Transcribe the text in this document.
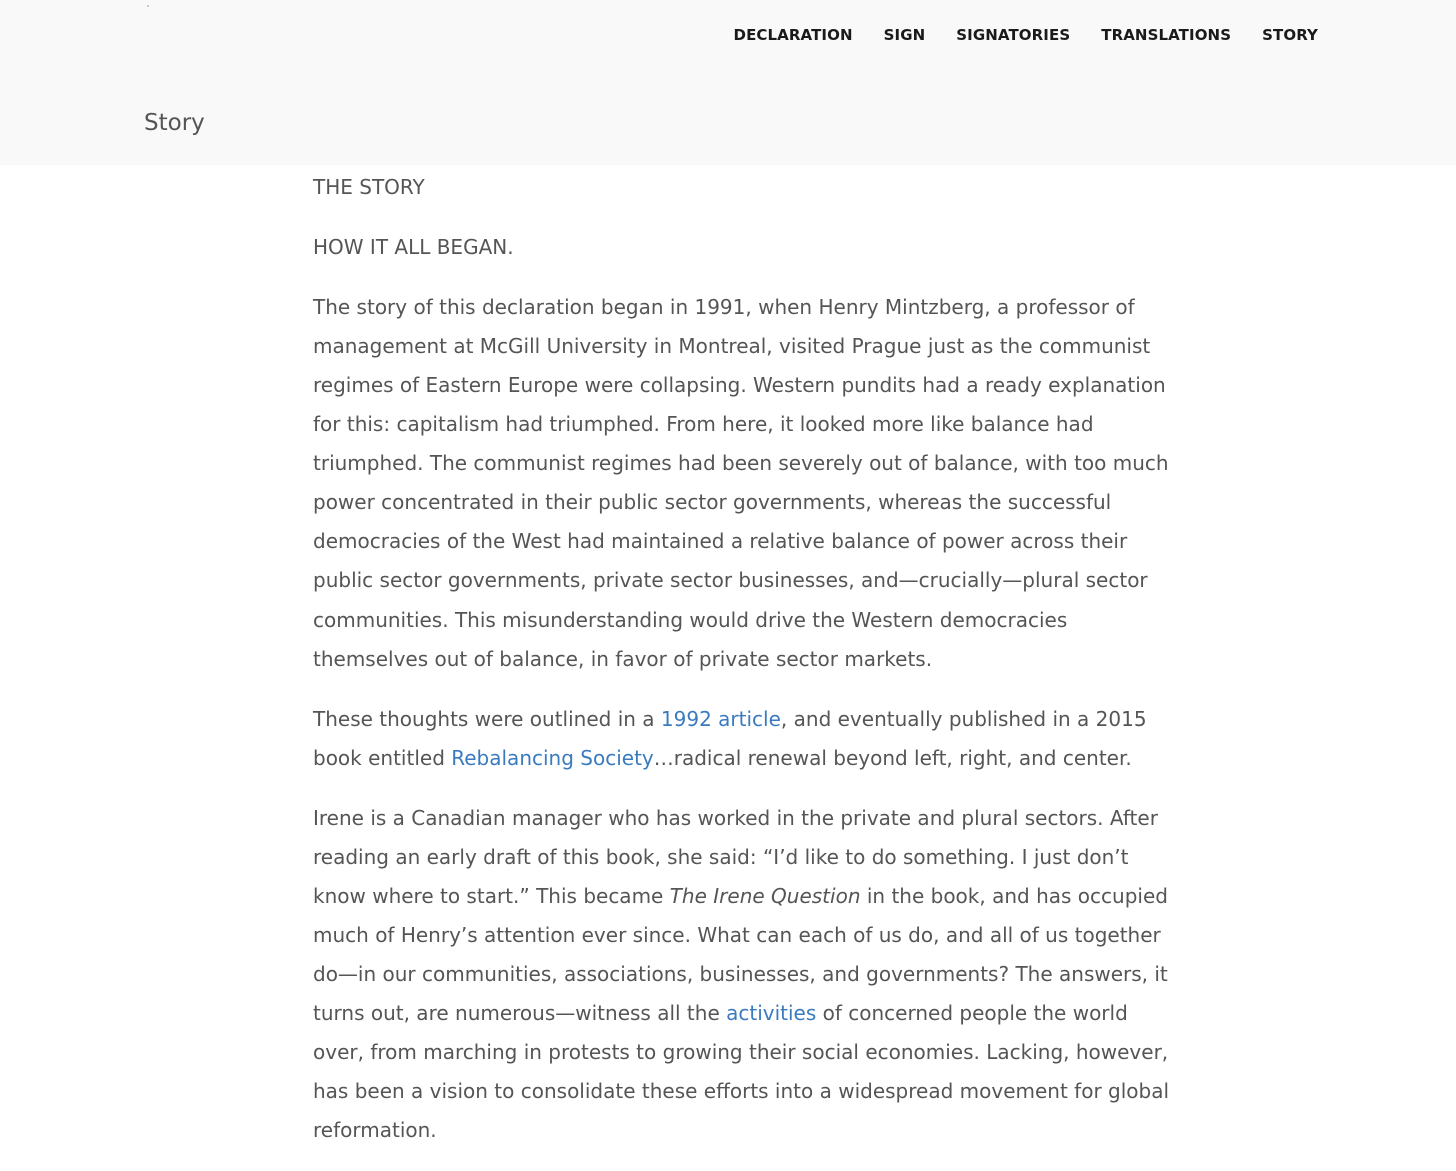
DECLARATION SIGN SIGNATORIES TRANSLATIONS STORY
Story

THE STORY

HOW IT ALL BEGAN.

The story of this declaration began in 1991, when Henry Mintzberg, a professor of management at McGill University in Montreal, visited Prague just as the communist regimes of Eastern Europe were collapsing. Western pundits had a ready explanation for this: capitalism had triumphed. From here, it looked more like balance had triumphed. The communist regimes had been severely out of balance, with too much power concentrated in their public sector governments, whereas the successful democracies of the West had maintained a relative balance of power across their public sector governments, private sector businesses, and—crucially—plural sector communities. This misunderstanding would drive the Western democracies themselves out of balance, in favor of private sector markets.

These thoughts were outlined in a 1992 article, and eventually published in a 2015 book entitled Rebalancing Society…radical renewal beyond left, right, and center.

Irene is a Canadian manager who has worked in the private and plural sectors. After reading an early draft of this book, she said: “I’d like to do something. I just don’t know where to start.” This became The Irene Question in the book, and has occupied much of Henry’s attention ever since. What can each of us do, and all of us together do—in our communities, associations, businesses, and governments? The answers, it turns out, are numerous—witness all the activities of concerned people the world over, from marching in protests to growing their social economies. Lacking, however, has been a vision to consolidate these efforts into a widespread movement for global reformation.
